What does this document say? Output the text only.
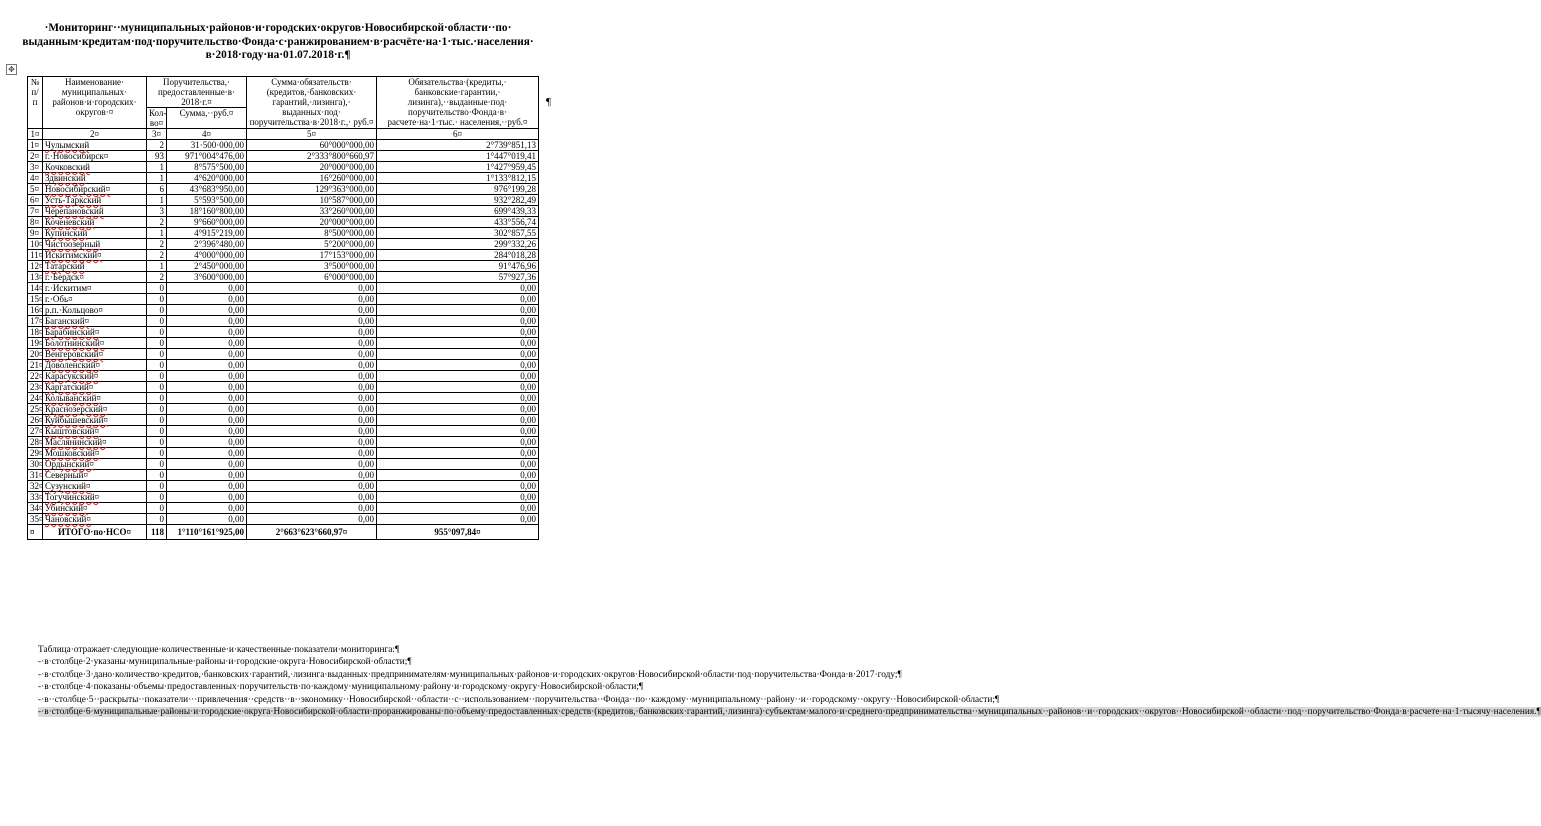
·Мониторинг··муниципальных·районов·и·городских·округов·Новосибирской·области··по· выданным·кредитам·под·поручительство·Фонда·с·ранжированием·в·расчёте·на·1·тыс.·населения· в·2018·году·на·01.07.2018·г.¶
✥
¶
№ п/п	Наименование· муниципальных· районов·и·городских· округов·¤	Поручительства,· предоставленные·в· 2018·г.¤		Сумма·обязательств· (кредитов,·банковских· гарантий,·лизинга),· выданных·под· поручительства·в·2018·г.,· руб.¤	Обязательства·(кредиты,· банковские·гарантии,· лизинга),··выданные·под· поручительство·Фонда·в· расчете·на·1·тыс.· населения,··руб.¤
		Кол-во¤	Сумма,··руб.¤		
1¤	2¤	3¤	4¤	5¤	6¤
1¤	Чулымский	2	31·500·000,00	60°000°000,00	2°739°851,13
2¤	г.·Новосибирск¤	93	971°004°476,00	2°333°800°660,97	1°447°019,41
3¤	Кочковский	1	8°575°500,00	20°000°000,00	1°427°959,45
4¤	Здвинский	1	4°620°000,00	16°260°000,00	1°133°812,15
5¤	Новосибирский¤	6	43°683°950,00	129°363°000,00	976°199,28
6¤	Усть-Таркский	1	5°593°500,00	10°587°000,00	932°282,49
7¤	Черепановский	3	18°160°800,00	33°260°000,00	699°439,33
8¤	Коченевский	2	9°660°000,00	20°000°000,00	433°556,74
9¤	Купинский	1	4°915°219,00	8°500°000,00	302°857,55
10¤	Чистоозерный	2	2°396°480,00	5°200°000,00	299°332,26
11¤	Искитимский¤	2	4°000°000,00	17°153°000,00	284°018,28
12¤	Татарский	1	2°450°000,00	3°500°000,00	91°476,96
13¤	г.·Бердск¤	2	3°600°000,00	6°000°000,00	57°927,36
14¤	г.·Искитим¤	0	0,00	0,00	0,00
15¤	г.·Обь¤	0	0,00	0,00	0,00
16¤	р.п.·Кольцово¤	0	0,00	0,00	0,00
17¤	Баганский¤	0	0,00	0,00	0,00
18¤	Барабинский¤	0	0,00	0,00	0,00
19¤	Болотнинский¤	0	0,00	0,00	0,00
20¤	Венгеровский¤	0	0,00	0,00	0,00
21¤	Доволенский¤	0	0,00	0,00	0,00
22¤	Карасукский¤	0	0,00	0,00	0,00
23¤	Каргатский¤	0	0,00	0,00	0,00
24¤	Колыванский¤	0	0,00	0,00	0,00
25¤	Краснозерский¤	0	0,00	0,00	0,00
26¤	Куйбышевский¤	0	0,00	0,00	0,00
27¤	Кыштовский¤	0	0,00	0,00	0,00
28¤	Маслянинский¤	0	0,00	0,00	0,00
29¤	Мошковский¤	0	0,00	0,00	0,00
30¤	Ордынский¤	0	0,00	0,00	0,00
31¤	Северный¤	0	0,00	0,00	0,00
32¤	Сузунский¤	0	0,00	0,00	0,00
33¤	Тогучинский¤	0	0,00	0,00	0,00
34¤	Убинский¤	0	0,00	0,00	0,00
35¤	Чановский¤	0	0,00	0,00	0,00
¤	ИТОГО·по·НСО¤	118	1°110°161°925,00	2°663°623°660,97¤	955°097,84¤

Таблица·отражает·следующие·количественные·и·качественные·показатели·мониторинга:¶

-·в·столбце·2·указаны·муниципальные·районы·и·городские·округа·Новосибирской·области;¶

-·в·столбце·3·дано·количество·кредитов,·банковских·гарантий,·лизинга·выданных·предпринимателям·муниципальных·районов·и·городских·округов·Новосибирской·области·под·поручительства·Фонда·в·2017·году;¶

-·в·столбце·4·показаны·объемы·предоставленных·поручительств·по·каждому·муниципальному·району·и·городскому·округу·Новосибирской·области;¶

-·в··столбце·5··раскрыты··показатели···привлечения··средств··в··экономику··Новосибирской··области··с··использованием··поручительства··Фонда··по··каждому··муниципальному··району··и··городскому··округу··Новосибирской·области;¶

-·в·столбце·6·муниципальные·районы·и·городские·округа·Новосибирской·области·проранжированы·по·объему·предоставленных·средств·(кредитов,·банковских·гарантий,·лизинга)·субъектам·малого·и·среднего·предпринимательства··муниципальных··районов··и··городских··округов··Новосибирской··области··под··поручительство·Фонда·в·расчете·на·1·тысячу·населения.¶
